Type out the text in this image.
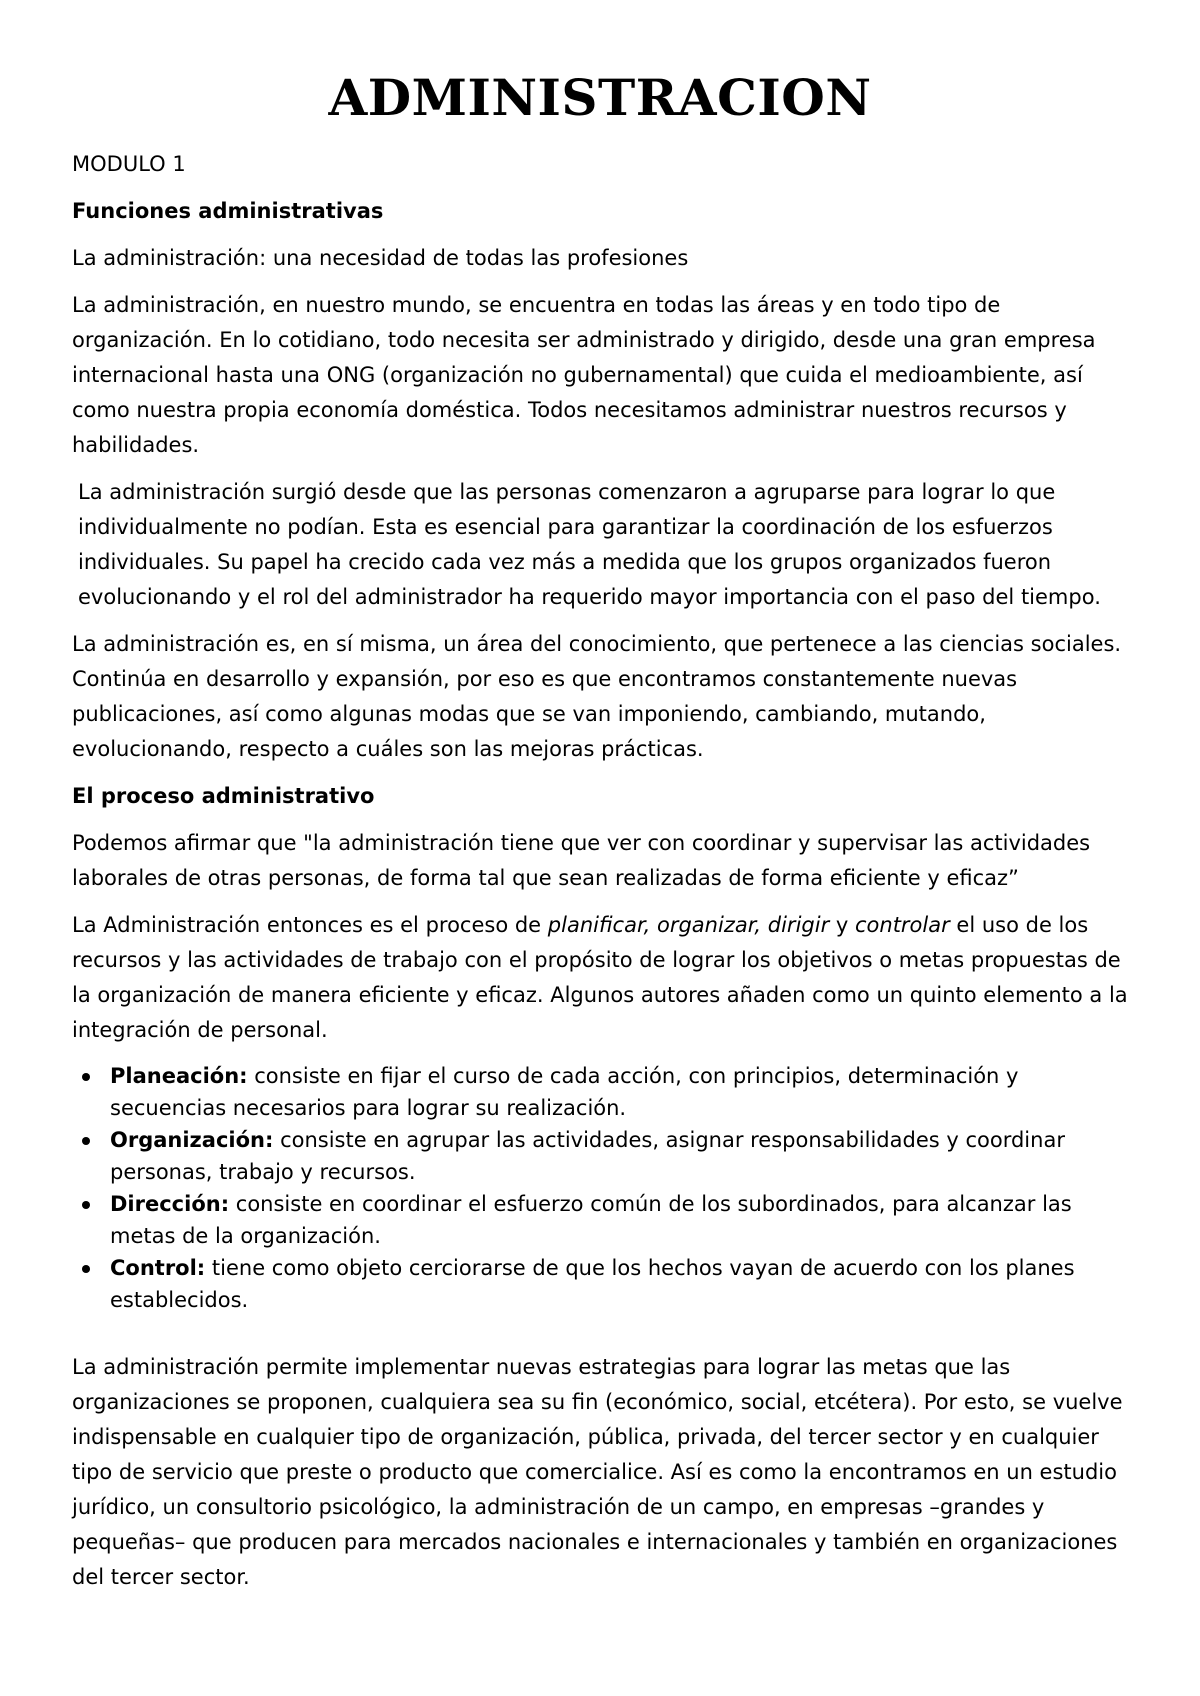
ADMINISTRACION

MODULO 1

Funciones administrativas

La administración: una necesidad de todas las profesiones

La administración, en nuestro mundo, se encuentra en todas las áreas y en todo tipo de organización. En lo cotidiano, todo necesita ser administrado y dirigido, desde una gran empresa internacional hasta una ONG (organización no gubernamental) que cuida el medioambiente, así como nuestra propia economía doméstica. Todos necesitamos administrar nuestros recursos y habilidades.

La administración surgió desde que las personas comenzaron a agruparse para lograr lo que individualmente no podían. Esta es esencial para garantizar la coordinación de los esfuerzos individuales. Su papel ha crecido cada vez más a medida que los grupos organizados fueron evolucionando y el rol del administrador ha requerido mayor importancia con el paso del tiempo.

La administración es, en sí misma, un área del conocimiento, que pertenece a las ciencias sociales. Continúa en desarrollo y expansión, por eso es que encontramos constantemente nuevas publicaciones, así como algunas modas que se van imponiendo, cambiando, mutando, evolucionando, respecto a cuáles son las mejoras prácticas.

El proceso administrativo

Podemos afirmar que "la administración tiene que ver con coordinar y supervisar las actividades laborales de otras personas, de forma tal que sean realizadas de forma eficiente y eficaz”

La Administración entonces es el proceso de planificar, organizar, dirigir y controlar el uso de los recursos y las actividades de trabajo con el propósito de lograr los objetivos o metas propuestas de la organización de manera eficiente y eficaz. Algunos autores añaden como un quinto elemento a la integración de personal.

Planeación: consiste en fijar el curso de cada acción, con principios, determinación y secuencias necesarios para lograr su realización.
Organización: consiste en agrupar las actividades, asignar responsabilidades y coordinar personas, trabajo y recursos.
Dirección: consiste en coordinar el esfuerzo común de los subordinados, para alcanzar las metas de la organización.
Control: tiene como objeto cerciorarse de que los hechos vayan de acuerdo con los planes establecidos.

La administración permite implementar nuevas estrategias para lograr las metas que las organizaciones se proponen, cualquiera sea su fin (económico, social, etcétera). Por esto, se vuelve indispensable en cualquier tipo de organización, pública, privada, del tercer sector y en cualquier tipo de servicio que preste o producto que comercialice. Así es como la encontramos en un estudio jurídico, un consultorio psicológico, la administración de un campo, en empresas –grandes y pequeñas– que producen para mercados nacionales e internacionales y también en organizaciones del tercer sector.
